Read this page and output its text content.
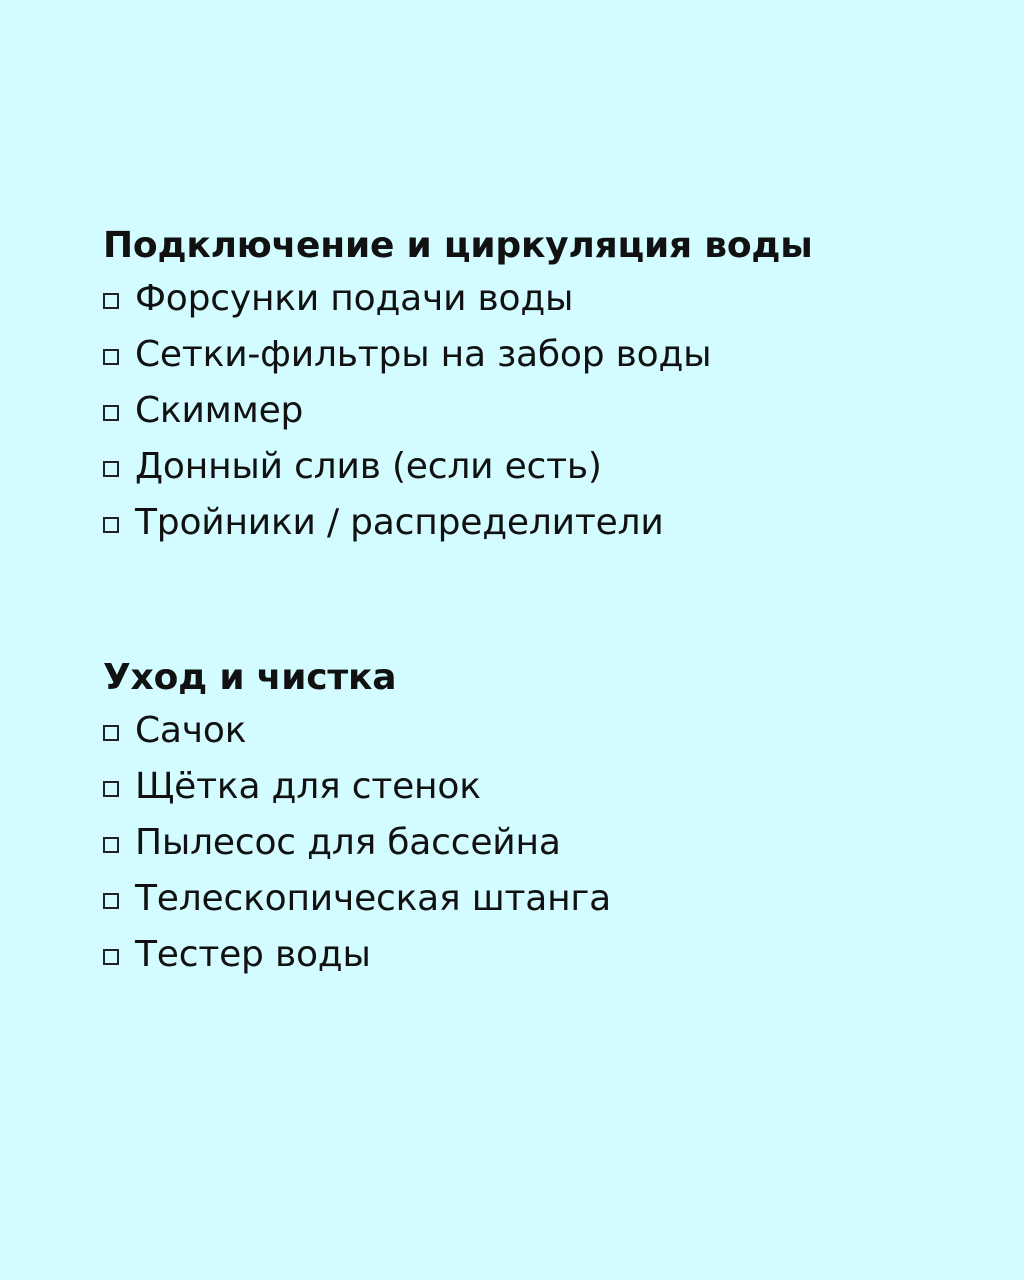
Подключение и циркуляция воды
Форсунки подачи воды
Сетки-фильтры на забор воды
Скиммер
Донный слив (если есть)
Тройники / распределители
Уход и чистка
Сачок
Щётка для стенок
Пылесос для бассейна
Телескопическая штанга
Тестер воды
